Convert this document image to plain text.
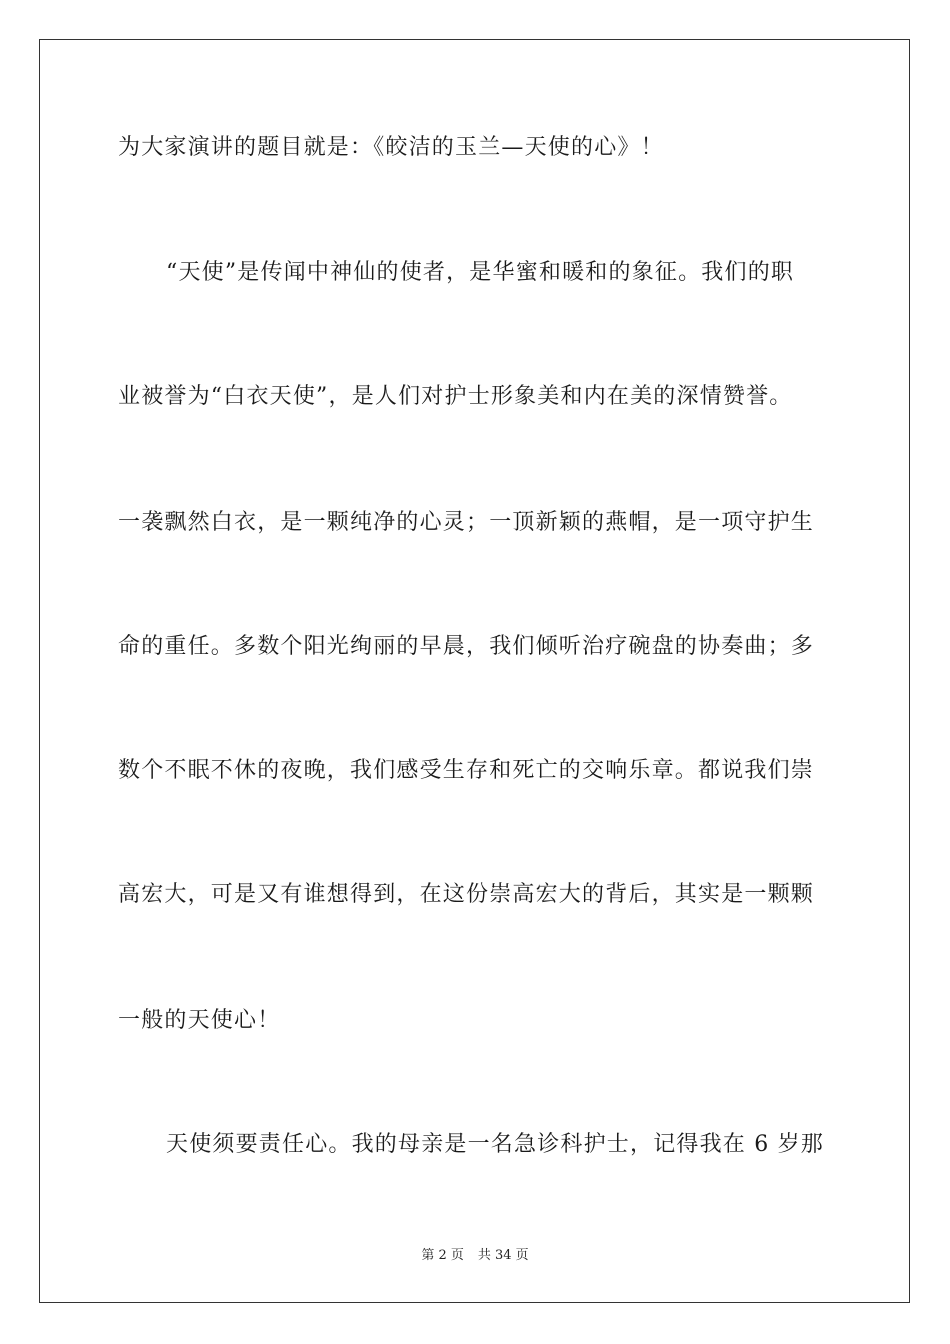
为大家演讲的题目就是：《皎洁的玉兰—天使的心》！
“天使”是传闻中神仙的使者，是华蜜和暖和的象征。我们的职
业被誉为“白衣天使”，是人们对护士形象美和内在美的深情赞誉。
一袭飘然白衣，是一颗纯净的心灵；一顶新颖的燕帽，是一项守护生
命的重任。多数个阳光绚丽的早晨，我们倾听治疗碗盘的协奏曲；多
数个不眠不休的夜晚，我们感受生存和死亡的交响乐章。都说我们崇
高宏大，可是又有谁想得到，在这份崇高宏大的背后，其实是一颗颗
一般的天使心！
天使须要责任心。我的母亲是一名急诊科护士，记得我在 6 岁那
第 2 页 共 34 页
